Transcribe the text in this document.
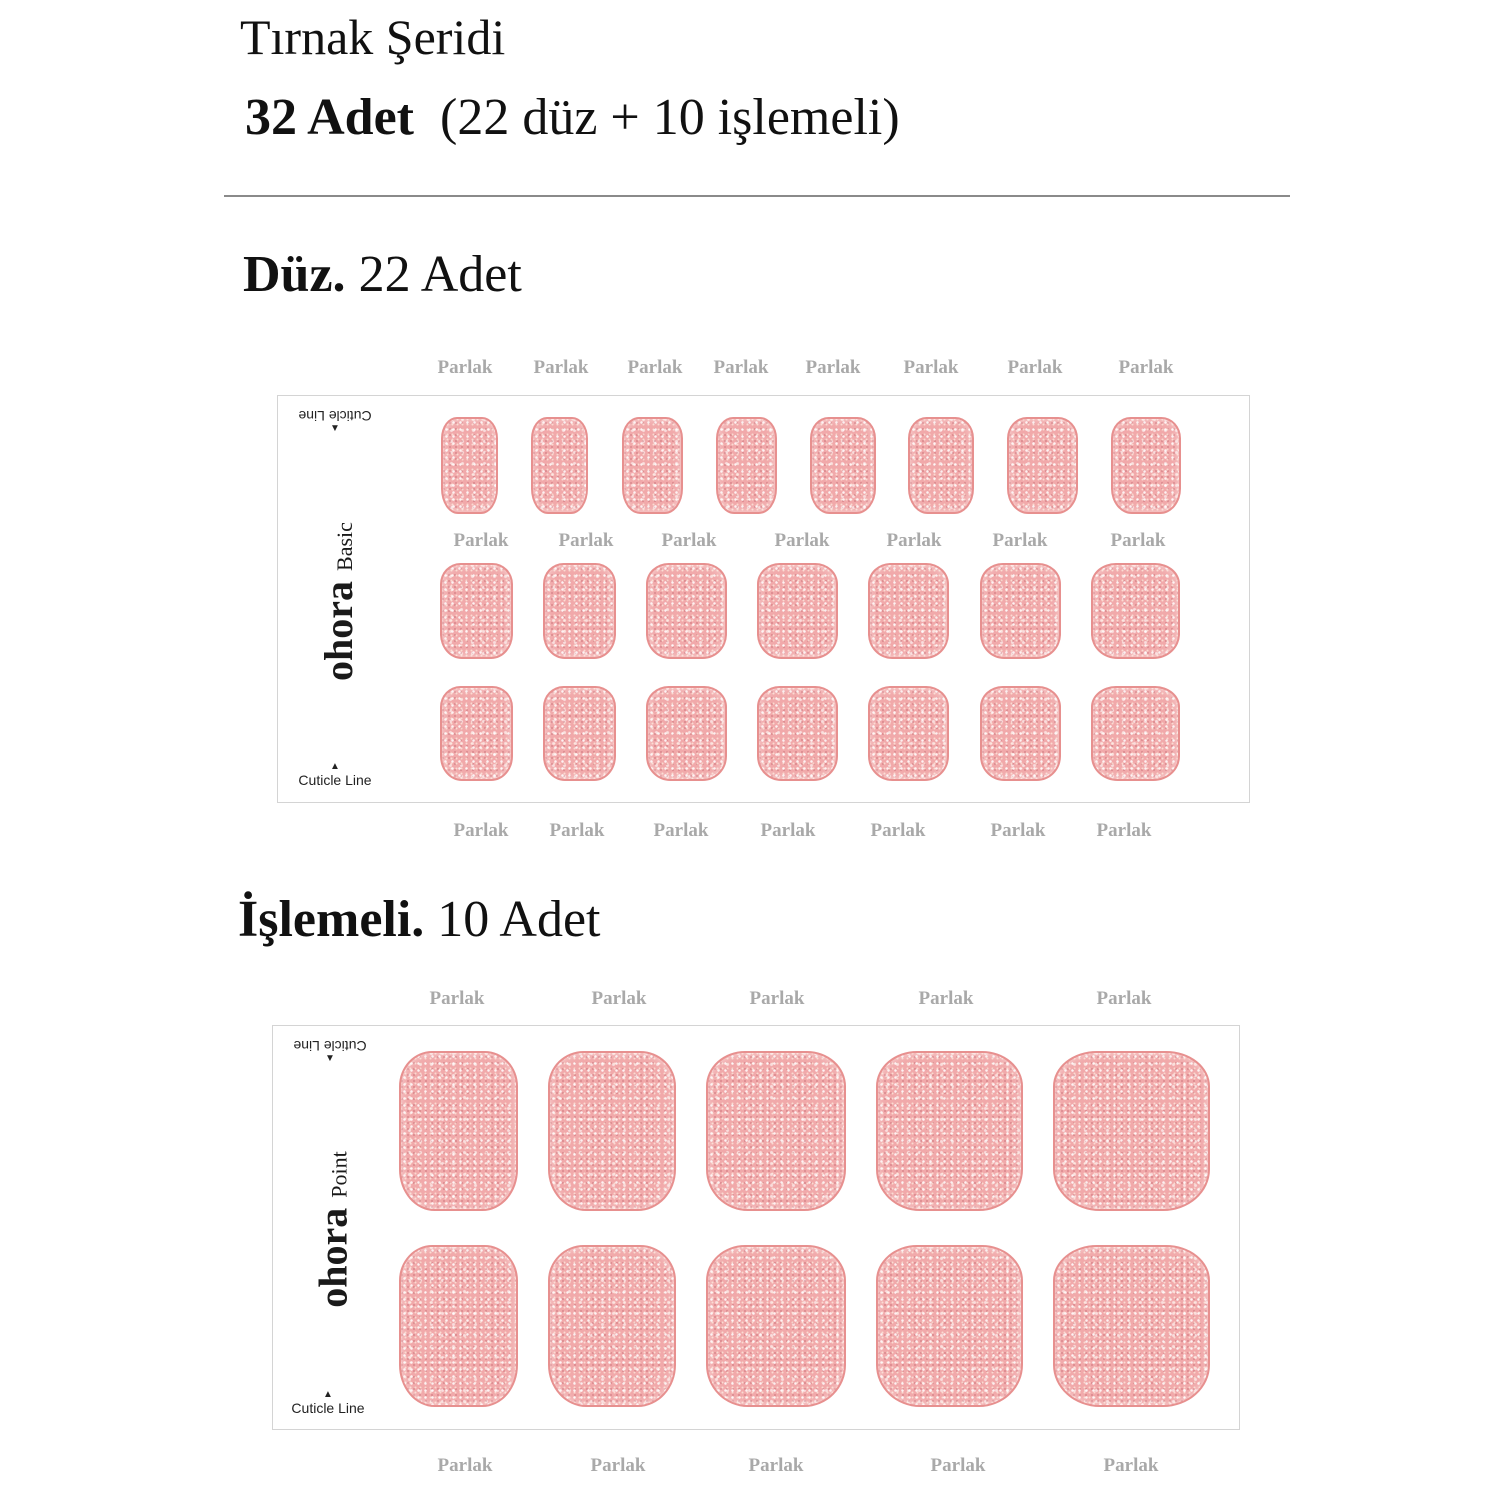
Tırnak Şeridi
32 Adet (22 düz + 10 işlemeli)
Düz. 22 Adet
Parlak Parlak Parlak Parlak Parlak Parlak	Parlak	Parlak
Cuticle Line
▼
ohora
Basic
▲
Cuticle Line
Parlak	Parlak	Parlak	Parlak	Parlak	Parlak	Parlak
Parlak Parlak	Parlak	Parlak	Parlak	Parlak	Parlak
İşlemeli. 10 Adet
Parlak	Parlak	Parlak	Parlak	Parlak
Cuticle Line
▼
ohora
Point
▲
Cuticle Line
Parlak	Parlak	Parlak	Parlak	Parlak
